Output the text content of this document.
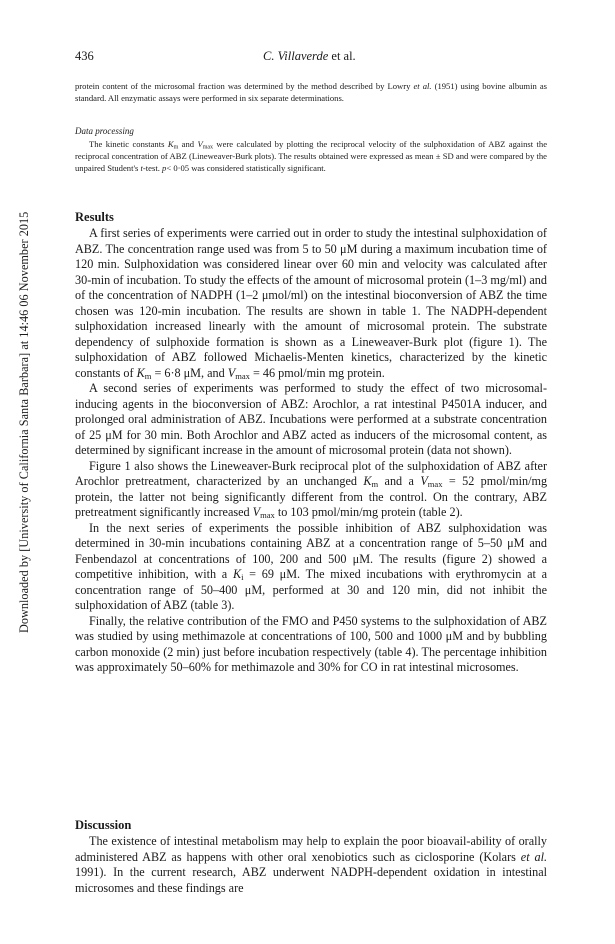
Downloaded by [University of California Santa Barbara] at 14:46 06 November 2015
436	C. Villaverde et al.
protein content of the microsomal fraction was determined by the method described by Lowry et al. (1951) using bovine albumin as standard. All enzymatic assays were performed in six separate determinations.
Data processing
The kinetic constants $K_m$ and $V_{max}$ were calculated by plotting the reciprocal velocity of the sulphoxidation of ABZ against the reciprocal concentration of ABZ (Lineweaver-Burk plots). The results obtained were expressed as mean ± SD and were compared by the unpaired Student's t-test. p< 0·05 was considered statistically significant.
Results

A first series of experiments were carried out in order to study the intestinal sulphoxidation of ABZ. The concentration range used was from 5 to 50 μM during a maximum incubation time of 120 min. Sulphoxidation was considered linear over 60 min and velocity was calculated after 30-min of incubation. To study the effects of the amount of microsomal protein (1–3 mg/ml) and of the concentration of NADPH (1–2 μmol/ml) on the intestinal bioconversion of ABZ the time chosen was 120-min incubation. The results are shown in table 1. The NADPH-dependent sulphoxidation increased linearly with the amount of microsomal protein. The substrate dependency of sulphoxide formation is shown as a Lineweaver-Burk plot (figure 1). The sulphoxidation of ABZ followed Michaelis-Menten kinetics, characterized by the kinetic constants of $K_m = 6\cdot 8$ μM, and $V_{max} = 46$ pmol/min mg protein.

A second series of experiments was performed to study the effect of two microsomal-inducing agents in the bioconversion of ABZ: Arochlor, a rat intestinal P4501A inducer, and prolonged oral administration of ABZ. Incubations were performed at a substrate concentration of 25 μM for 30 min. Both Arochlor and ABZ acted as inducers of the microsomal content, as determined by significant increase in the amount of microsomal protein (data not shown).

Figure 1 also shows the Lineweaver-Burk reciprocal plot of the sulphoxidation of ABZ after Arochlor pretreatment, characterized by an unchanged $K_m$ and a $V_{max} = 52$ pmol/min/mg protein, the latter not being significantly different from the control. On the contrary, ABZ pretreatment significantly increased $V_{max}$ to 103 pmol/min/mg protein (table 2).

In the next series of experiments the possible inhibition of ABZ sulphoxidation was determined in 30-min incubations containing ABZ at a concentration range of 5–50 μM and Fenbendazol at concentrations of 100, 200 and 500 μM. The results (figure 2) showed a competitive inhibition, with a $K_i = 69$ μM. The mixed incubations with erythromycin at a concentration range of 50–400 μM, performed at 30 and 120 min, did not inhibit the sulphoxidation of ABZ (table 3).

Finally, the relative contribution of the FMO and P450 systems to the sulphoxidation of ABZ was studied by using methimazole at concentrations of 100, 500 and 1000 μM and by bubbling carbon monoxide (2 min) just before incubation respectively (table 4). The percentage inhibition was approximately 50–60% for methimazole and 30% for CO in rat intestinal microsomes.

Discussion

The existence of intestinal metabolism may help to explain the poor bioavail-ability of orally administered ABZ as happens with other oral xenobiotics such as ciclosporine (Kolars et al. 1991). In the current research, ABZ underwent NADPH-dependent oxidation in intestinal microsomes and these findings are
